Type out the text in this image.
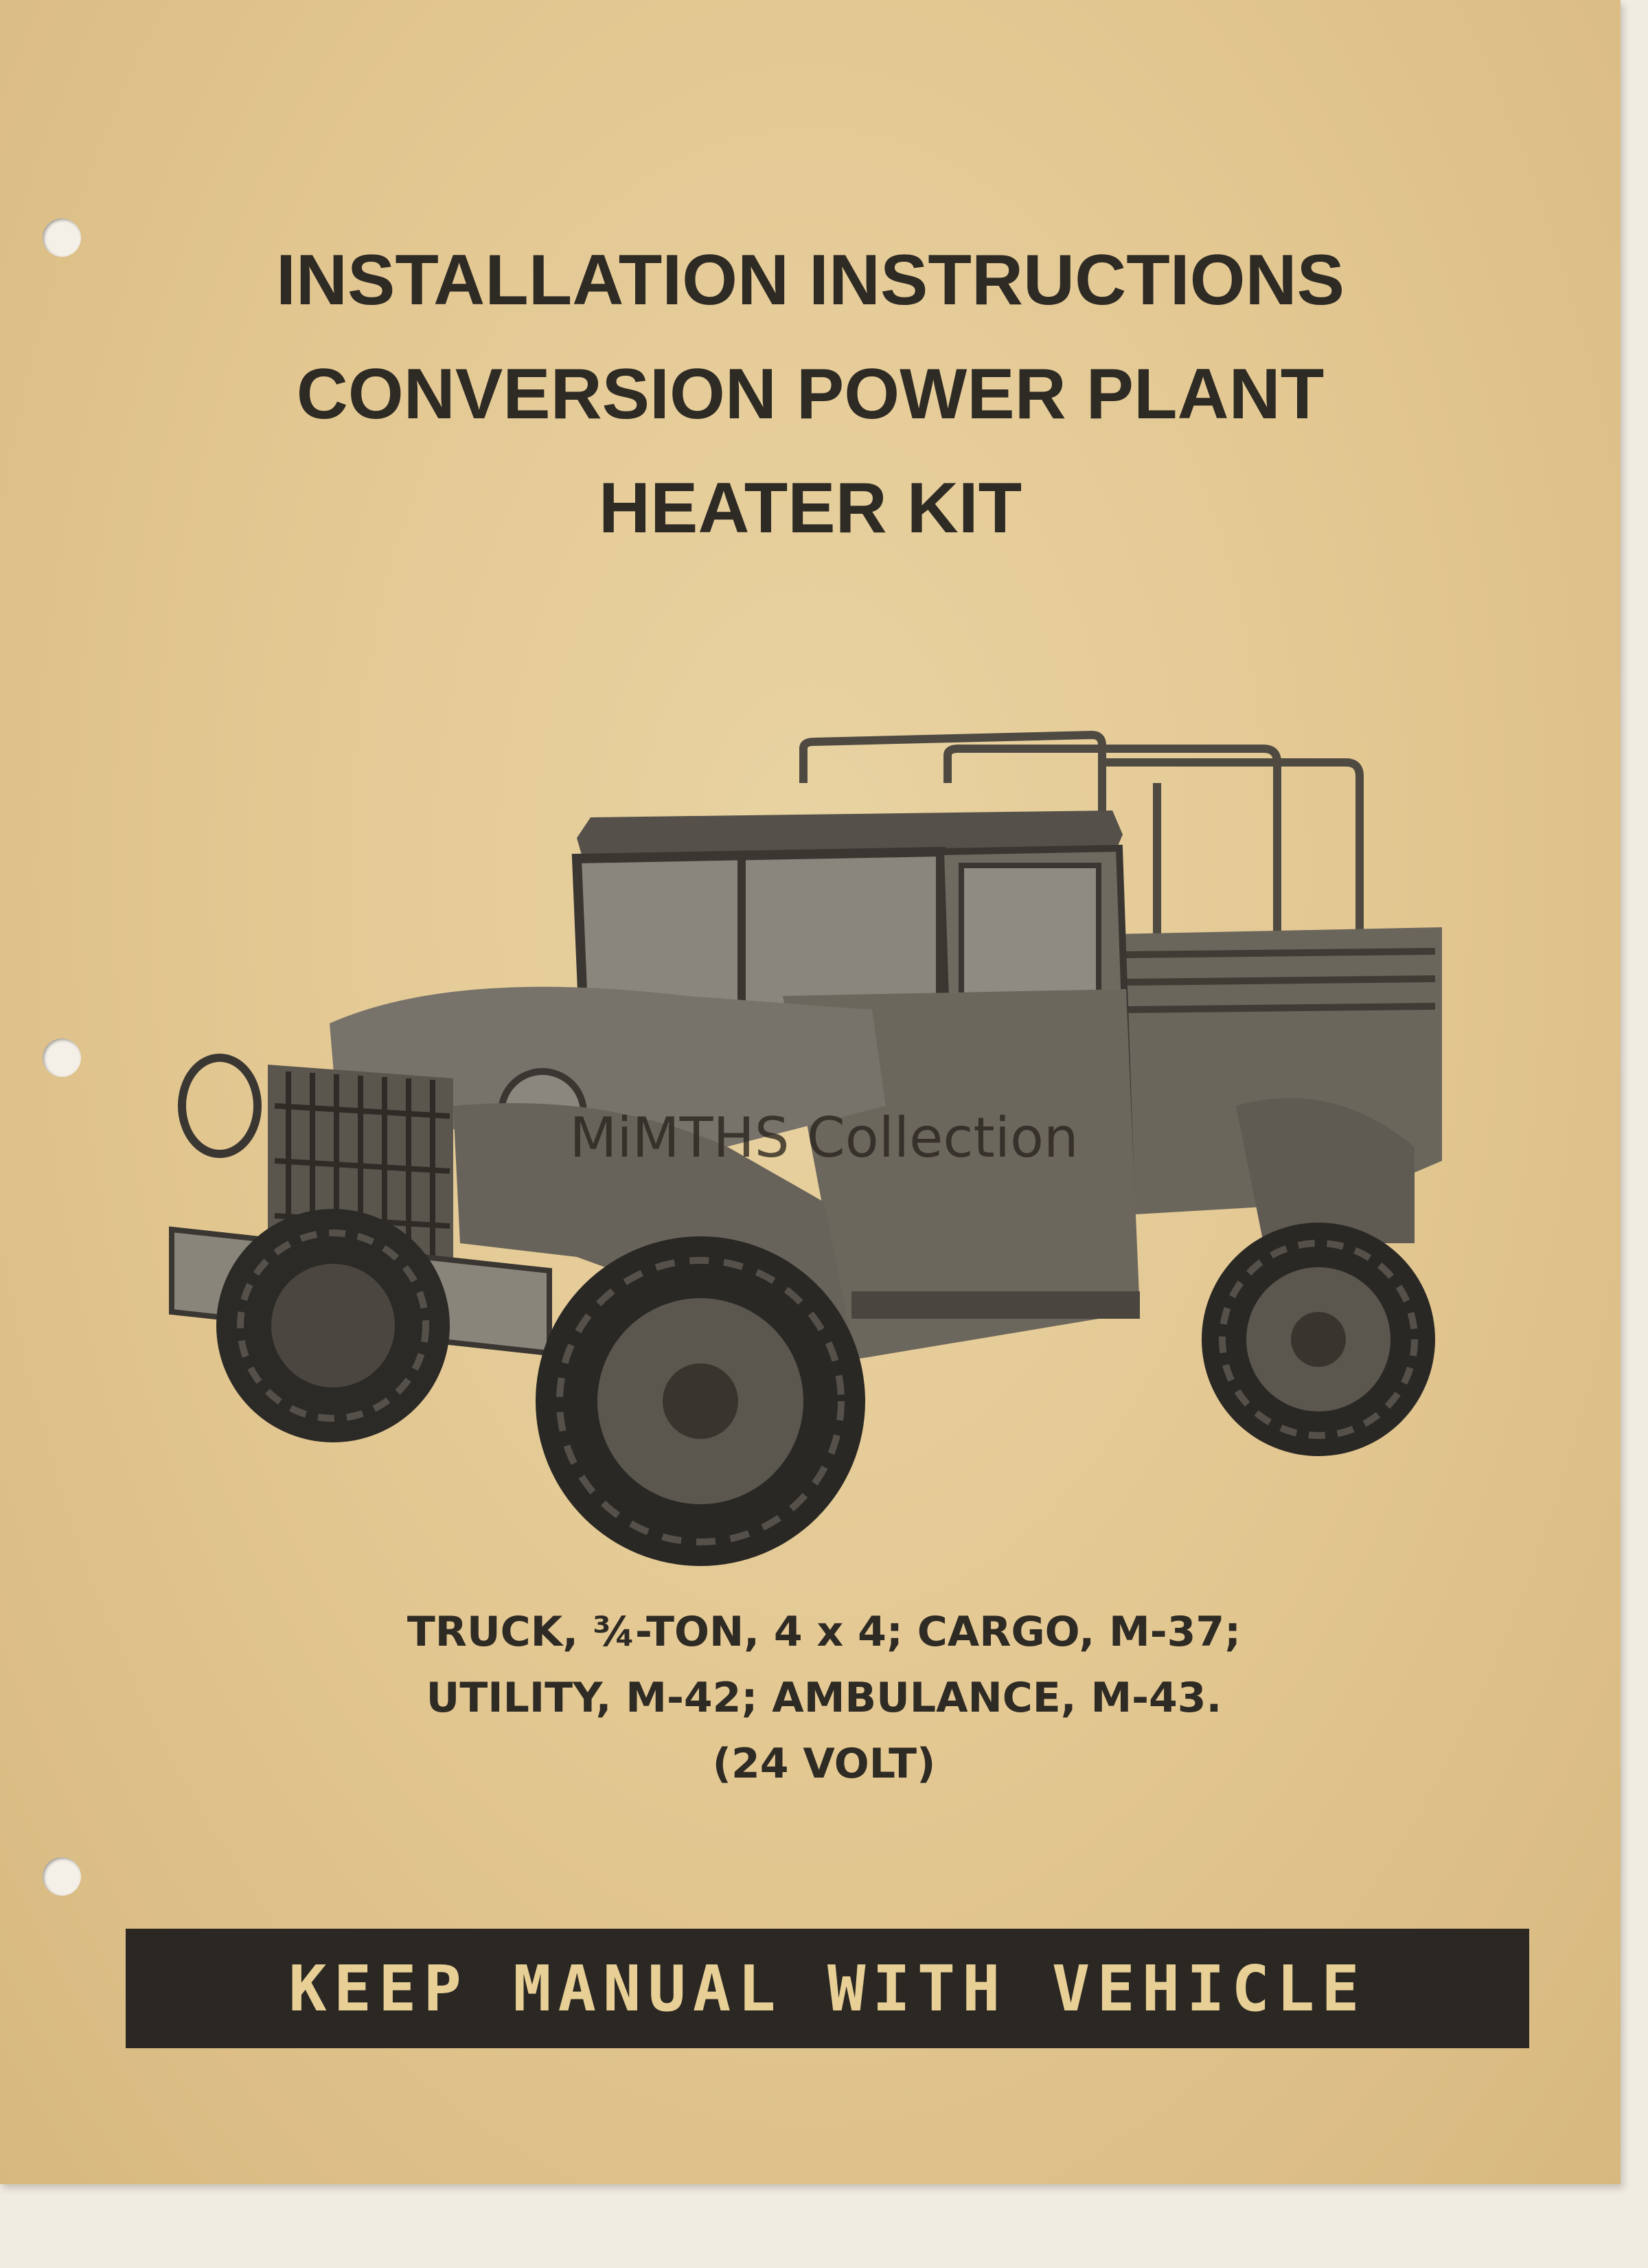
INSTALLATION INSTRUCTIONS
CONVERSION POWER PLANT
HEATER KIT
TRUCK, ¾-TON, 4 x 4; CARGO, M-37;
UTILITY, M-42; AMBULANCE, M-43.
(24 VOLT)
KEEP MANUAL WITH VEHICLE
MiMTHS Collection
